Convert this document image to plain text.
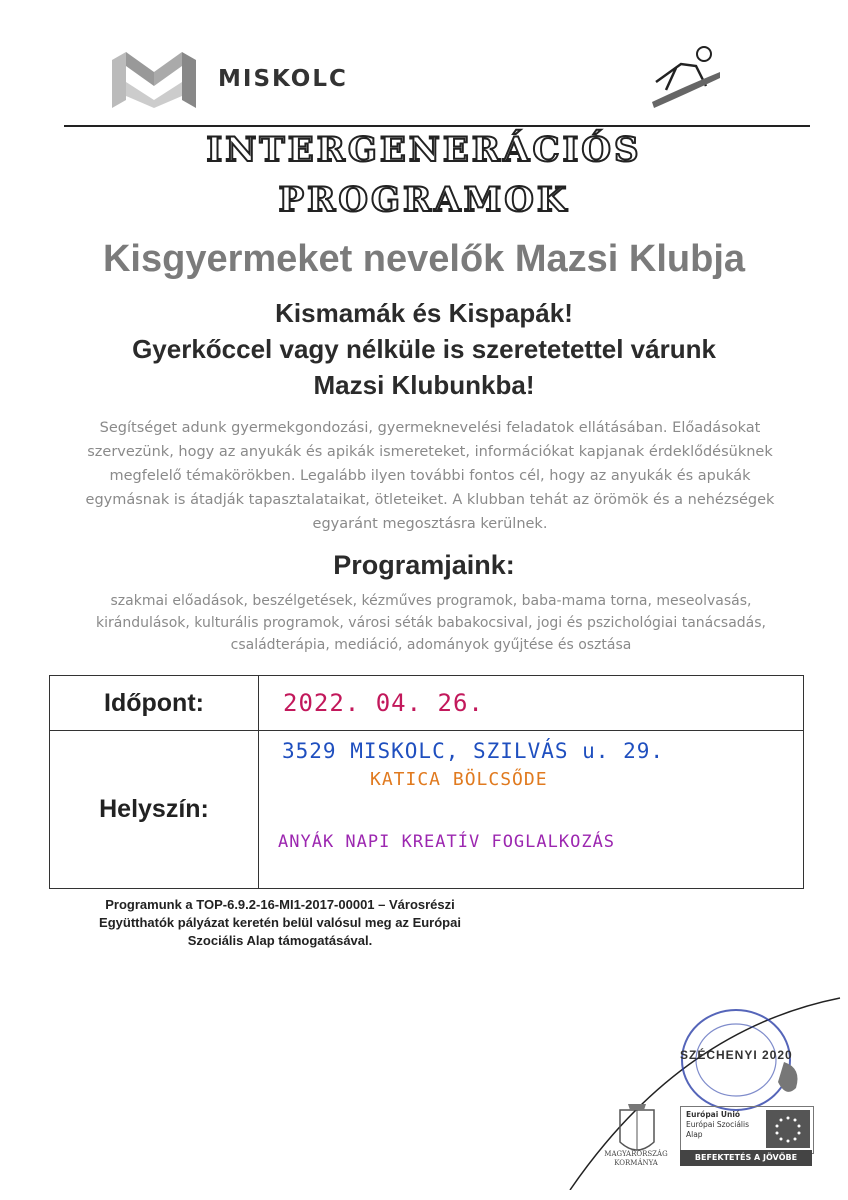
MISKOLC
INTERGENERÁCIÓS
PROGRAMOK
Kisgyermeket nevelők Mazsi Klubja
Kismamák és Kispapák!
Gyerkőccel vagy nélküle is szeretetettel várunk
Mazsi Klubunkba!
Segítséget adunk gyermekgondozási, gyermeknevelési feladatok ellátásában. Előadásokat szervezünk, hogy az anyukák és apikák ismereteket, információkat kapjanak érdeklődésüknek megfelelő témakörökben. Legalább ilyen további fontos cél, hogy az anyukák és apukák egymásnak is átadják tapasztalataikat, ötleteiket. A klubban tehát az örömök és a nehézségek egyaránt megosztásra kerülnek.
Programjaink:
szakmai előadások, beszélgetések, kézműves programok, baba-mama torna, meseolvasás, kirándulások, kulturális programok, városi séták babakocsival, jogi és pszichológiai tanácsadás, családterápia, mediáció, adományok gyűjtése és osztása
Időpont:	2022. 04. 26.
Helyszín:	3529 MISKOLC, SZILVÁS u. 29.
KATICA BÖLCSŐDE
ANYÁK NAPI KREATÍV FOGLALKOZÁS
Programunk a TOP-6.9.2-16-MI1-2017-00001 – Városrészi Együtthatók pályázat keretén belül valósul meg az Európai Szociális Alap támogatásával.
SZÉCHENYI 2020
MAGYARORSZÁG KORMÁNYA
Európai Unió
Európai Szociális
Alap
BEFEKTETÉS A JÖVŐBE
